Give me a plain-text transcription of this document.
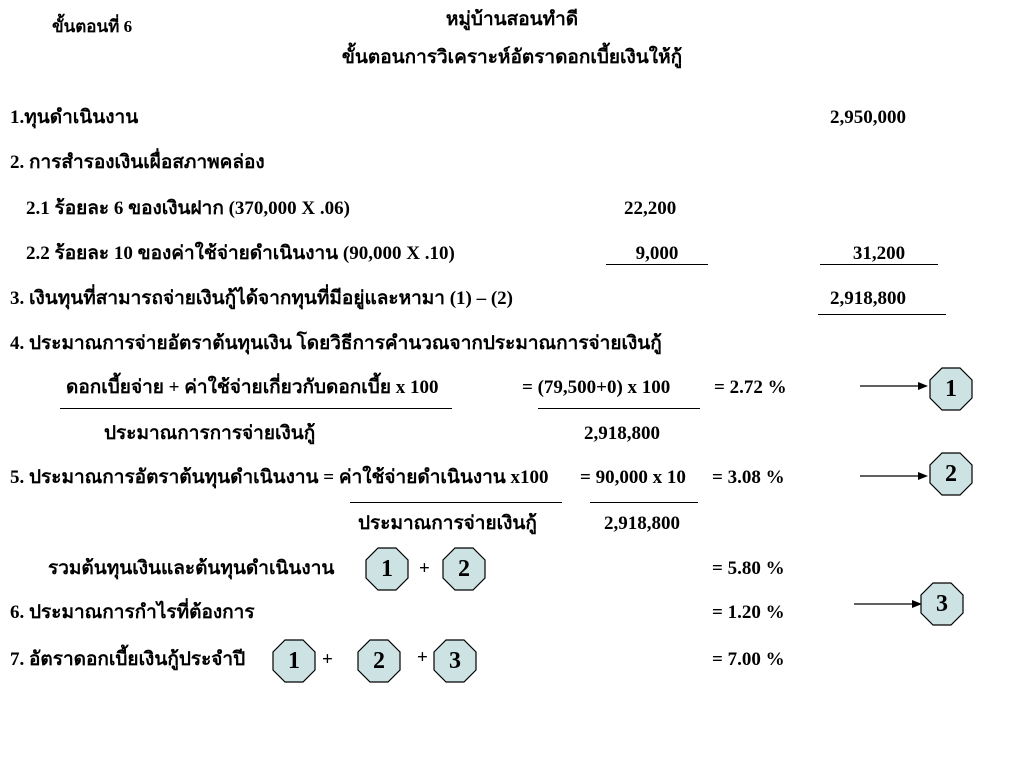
ขั้นตอนที่ 6	หมู่บ้านสอนทำดี
ขั้นตอนการวิเคราะห์อัตราดอกเบี้ยเงินให้กู้
1.ทุนดำเนินงาน	2,950,000
2. การสำรองเงินเผื่อสภาพคล่อง
2.1 ร้อยละ 6 ของเงินฝาก (370,000 X .06)	22,200
2.2 ร้อยละ 10 ของค่าใช้จ่ายดำเนินงาน (90,000 X .10)	9,000	31,200
3. เงินทุนที่สามารถจ่ายเงินกู้ได้จากทุนที่มีอยู่และหามา (1) – (2)	2,918,800
4. ประมาณการจ่ายอัตราต้นทุนเงิน โดยวิธีการคำนวณจากประมาณการจ่ายเงินกู้
ดอกเบี้ยจ่าย + ค่าใช้จ่ายเกี่ยวกับดอกเบี้ย x 100
ประมาณการการจ่ายเงินกู้
= (79,500+0) x 100
2,918,800
= 2.72 %	1
5. ประมาณการอัตราต้นทุนดำเนินงาน = ค่าใช้จ่ายดำเนินงาน x100
ประมาณการจ่ายเงินกู้
= 90,000 x 10
2,918,800
= 3.08 %	2
รวมต้นทุนเงินและต้นทุนดำเนินงาน	1	+	2	= 5.80 %
6. ประมาณการกำไรที่ต้องการ	= 1.20 %	3
7. อัตราดอกเบี้ยเงินกู้ประจำปี	1	+	2	+ 3	= 7.00 %
